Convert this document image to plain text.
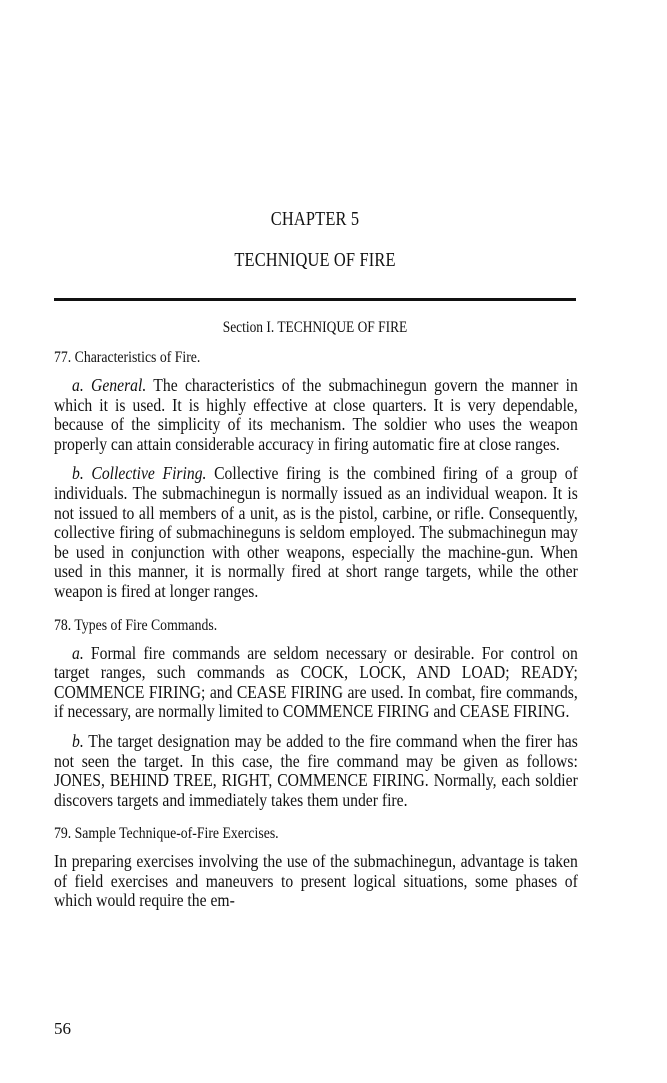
CHAPTER 5
TECHNIQUE OF FIRE
Section I. TECHNIQUE OF FIRE
77. Characteristics of Fire.

a. General. The characteristics of the submachinegun govern the manner in which it is used. It is highly effective at close quarters. It is very dependable, because of the simplicity of its mechanism. The soldier who uses the weapon properly can attain considerable accuracy in firing automatic fire at close ranges.

b. Collective Firing. Collective firing is the combined firing of a group of individuals. The submachinegun is normally issued as an individual weapon. It is not issued to all members of a unit, as is the pistol, carbine, or rifle. Consequently, collective firing of submachineguns is seldom employed. The submachinegun may be used in conjunction with other weapons, especially the machine-gun. When used in this manner, it is normally fired at short range targets, while the other weapon is fired at longer ranges.

78. Types of Fire Commands.

a. Formal fire commands are seldom necessary or desirable. For control on target ranges, such commands as COCK, LOCK, AND LOAD; READY; COMMENCE FIRING; and CEASE FIRING are used. In combat, fire commands, if necessary, are normally limited to COMMENCE FIRING and CEASE FIRING.

b. The target designation may be added to the fire command when the firer has not seen the target. In this case, the fire command may be given as follows: JONES, BEHIND TREE, RIGHT, COMMENCE FIRING. Normally, each soldier discovers targets and immediately takes them under fire.

79. Sample Technique-of-Fire Exercises.

In preparing exercises involving the use of the submachinegun, advantage is taken of field exercises and maneuvers to present logical situations, some phases of which would require the em-

56
